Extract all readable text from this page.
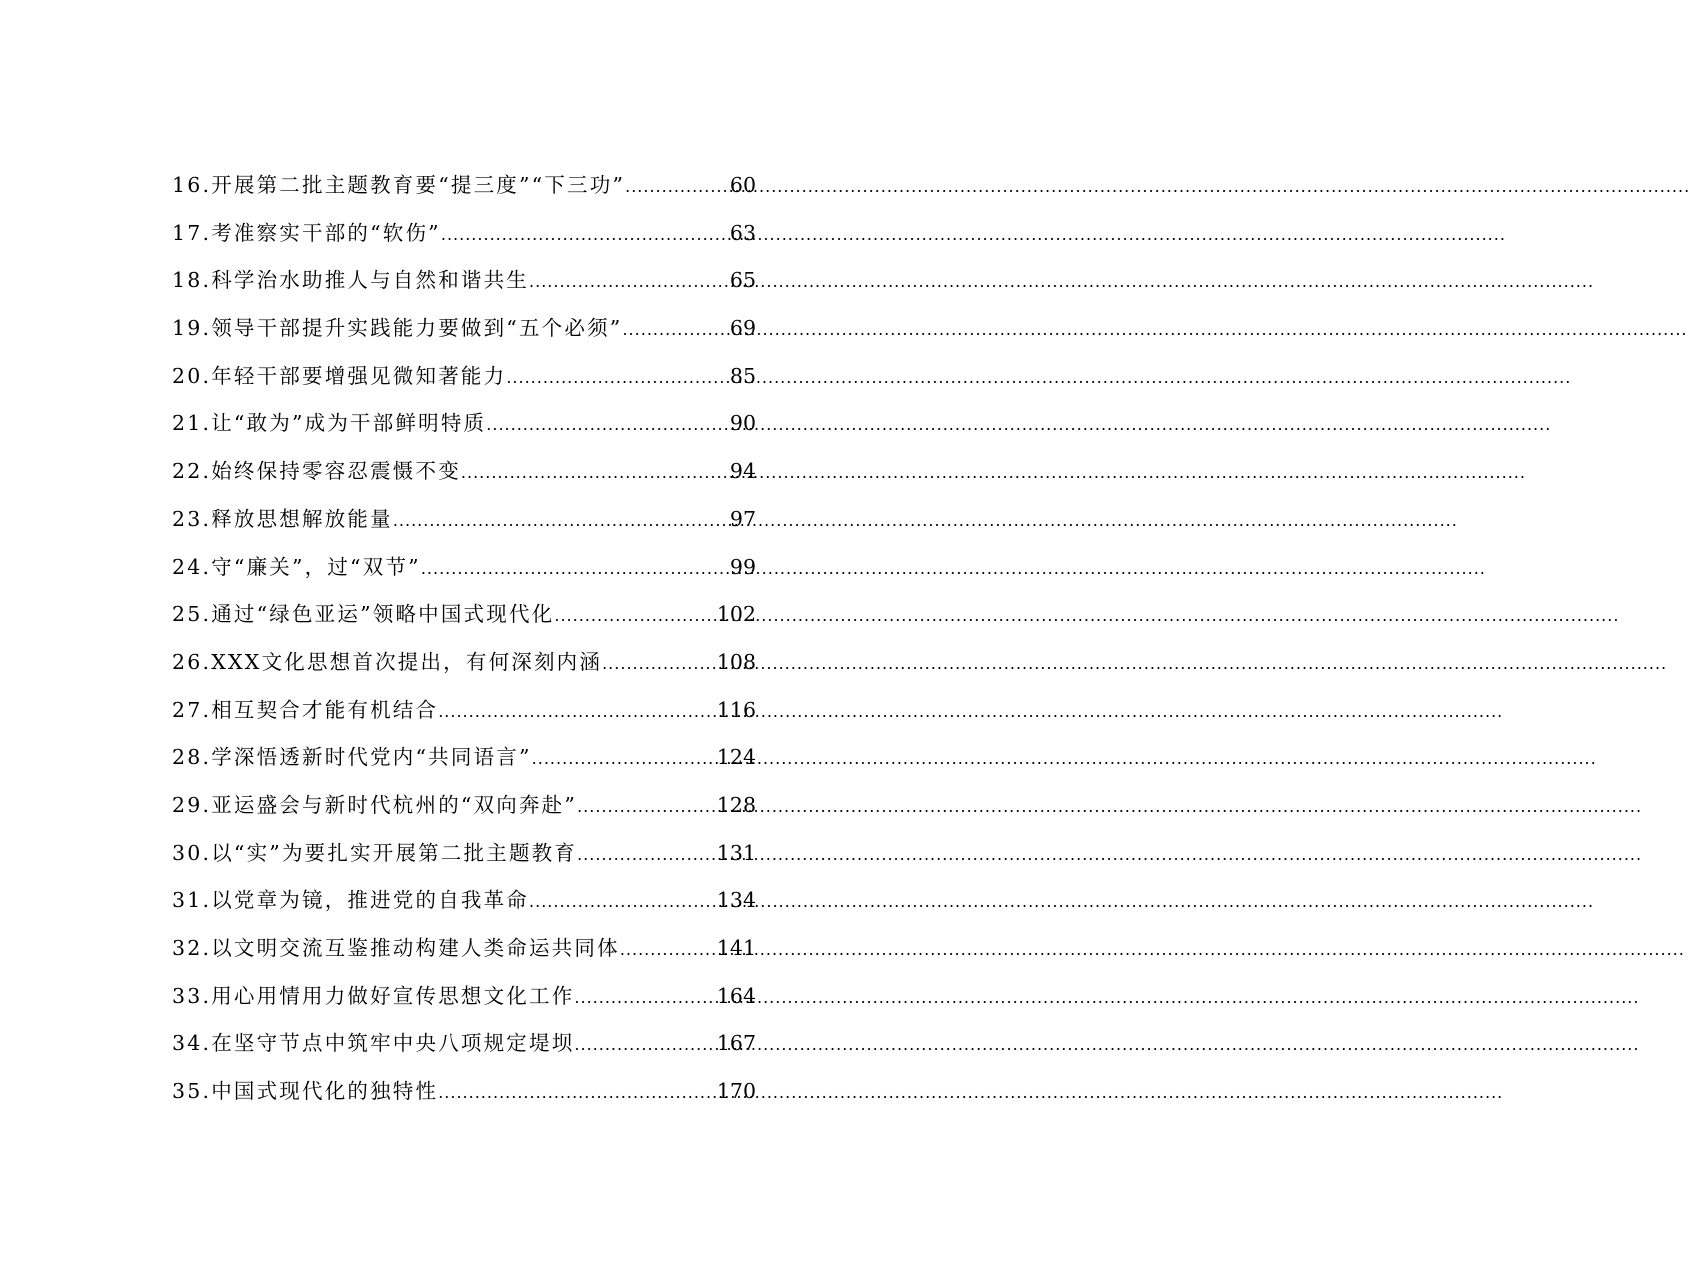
16.开展第二批主题教育要“提三度”“下三功” .....	60
17.考准察实干部的“软伤” .....	63
18.科学治水助推人与自然和谐共生 .....	65
19.领导干部提升实践能力要做到“五个必须” .....	69
20.年轻干部要增强见微知著能力 .....	85
21.让“敢为”成为干部鲜明特质 .....	90
22.始终保持零容忍震慑不变 .....	94
23.释放思想解放能量 .....	97
24.守“廉关”，过“双节” .....	99
25.通过“绿色亚运”领略中国式现代化 .....	102
26.XXX文化思想首次提出，有何深刻内涵 .....	108
27.相互契合才能有机结合 .....	116
28.学深悟透新时代党内“共同语言” .....	124
29.亚运盛会与新时代杭州的“双向奔赴” .....	128
30.以“实”为要扎实开展第二批主题教育 .....	131
31.以党章为镜，推进党的自我革命 .....	134
32.以文明交流互鉴推动构建人类命运共同体 .....	141
33.用心用情用力做好宣传思想文化工作 .....	164
34.在坚守节点中筑牢中央八项规定堤坝 .....	167
35.中国式现代化的独特性 .....	170
